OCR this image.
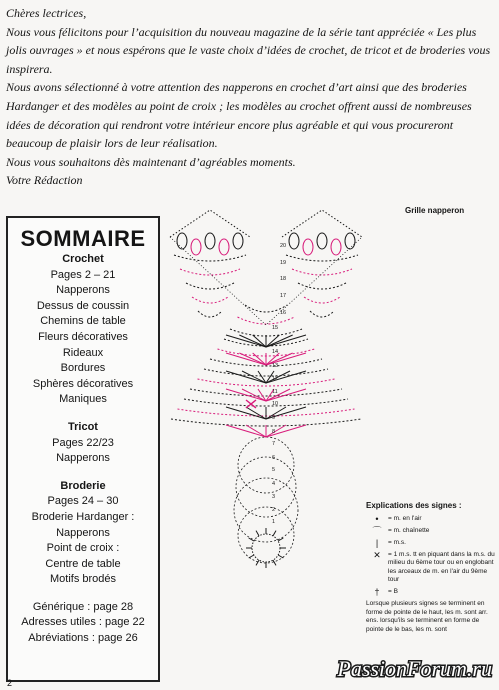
Chères lectrices,

Nous vous félicitons pour l’acquisition du nouveau magazine de la série tant appréciée « Les plus jolis ouvrages » et nous espérons que le vaste choix d’idées de crochet, de tricot et de broderies vous inspirera.

Nous avons sélectionné à votre attention des napperons en crochet d’art ainsi que des broderies Hardanger et des modèles au point de croix ; les modèles au crochet offrent aussi de nombreuses idées de décoration qui rendront votre intérieur encore plus agréable et qui vous procureront beaucoup de plaisir lors de leur réalisation.

Nous vous souhaitons dès maintenant d’agréables moments.

Votre Rédaction

SOMMAIRE
Crochet
Pages 2 – 21
Napperons
Dessus de coussin
Chemins de table
Fleurs décoratives
Rideaux
Bordures
Sphères décoratives
Maniques
Tricot
Pages 22/23
Napperons
Broderie
Pages 24 – 30
Broderie Hardanger :
Napperons
Point de croix :
Centre de table
Motifs brodés
Générique : page 28
Adresses utiles : page 22
Abréviations : page 26
Grille napperon
20
19
18
17
16
15
14
13
12
11
10
9
8
7
6
5
4
3
2
1
Explications des signes :
•	= m. en l'air
⌒	= m. chaînette
|	= m.s.
✕	= 1 m.s. tt en piquant dans la m.s. du milieu du 6ème tour ou en englobant les arceaux de m. en l'air du 9ème tour
†	= B
Lorsque plusieurs signes se terminent en forme de pointe de le haut, les m. sont arr. ens. lorsqu'ils se terminent en forme de pointe de le bas, les m. sont
PassionForum.ru
2
